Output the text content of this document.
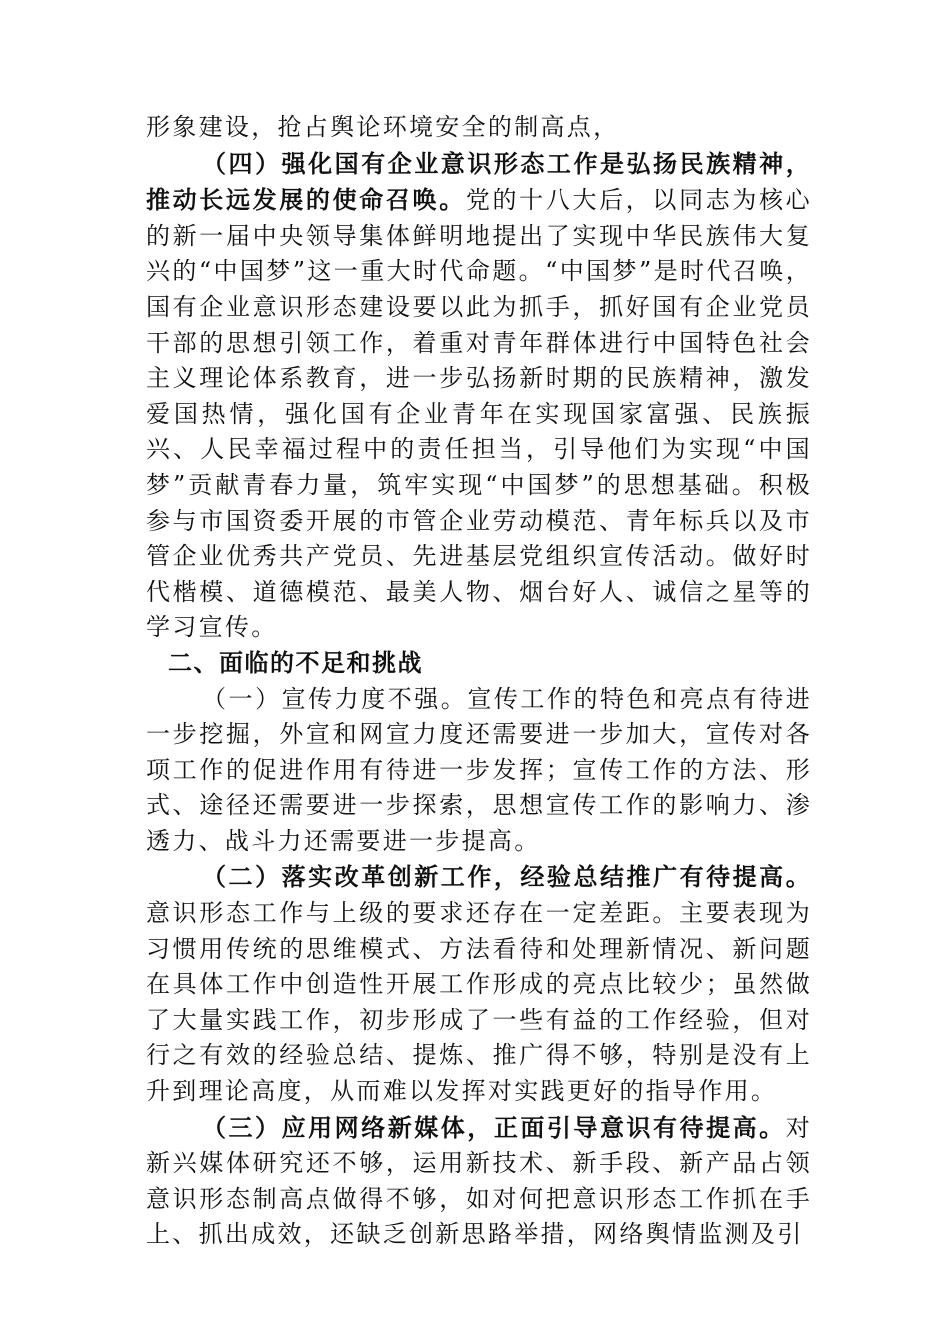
形象建设，抢占舆论环境安全的制高点，

（四）强化国有企业意识形态工作是弘扬民族精神，推动长远发展的使命召唤。党的十八大后，以同志为核心的新一届中央领导集体鲜明地提出了实现中华民族伟大复兴的“中国梦”这一重大时代命题。“中国梦”是时代召唤，国有企业意识形态建设要以此为抓手，抓好国有企业党员干部的思想引领工作，着重对青年群体进行中国特色社会主义理论体系教育，进一步弘扬新时期的民族精神，激发爱国热情，强化国有企业青年在实现国家富强、民族振兴、人民幸福过程中的责任担当，引导他们为实现“中国梦”贡献青春力量，筑牢实现“中国梦”的思想基础。积极参与市国资委开展的市管企业劳动模范、青年标兵以及市管企业优秀共产党员、先进基层党组织宣传活动。做好时代楷模、道德模范、最美人物、烟台好人、诚信之星等的学习宣传。

二、面临的不足和挑战

（一）宣传力度不强。宣传工作的特色和亮点有待进一步挖掘，外宣和网宣力度还需要进一步加大，宣传对各项工作的促进作用有待进一步发挥；宣传工作的方法、形式、途径还需要进一步探索，思想宣传工作的影响力、渗透力、战斗力还需要进一步提高。

（二）落实改革创新工作，经验总结推广有待提高。意识形态工作与上级的要求还存在一定差距。主要表现为习惯用传统的思维模式、方法看待和处理新情况、新问题在具体工作中创造性开展工作形成的亮点比较少；虽然做了大量实践工作，初步形成了一些有益的工作经验，但对行之有效的经验总结、提炼、推广得不够，特别是没有上升到理论高度，从而难以发挥对实践更好的指导作用。

（三）应用网络新媒体，正面引导意识有待提高。对新兴媒体研究还不够，运用新技术、新手段、新产品占领意识形态制高点做得不够，如对何把意识形态工作抓在手上、抓出成效，还缺乏创新思路举措，网络舆情监测及引
